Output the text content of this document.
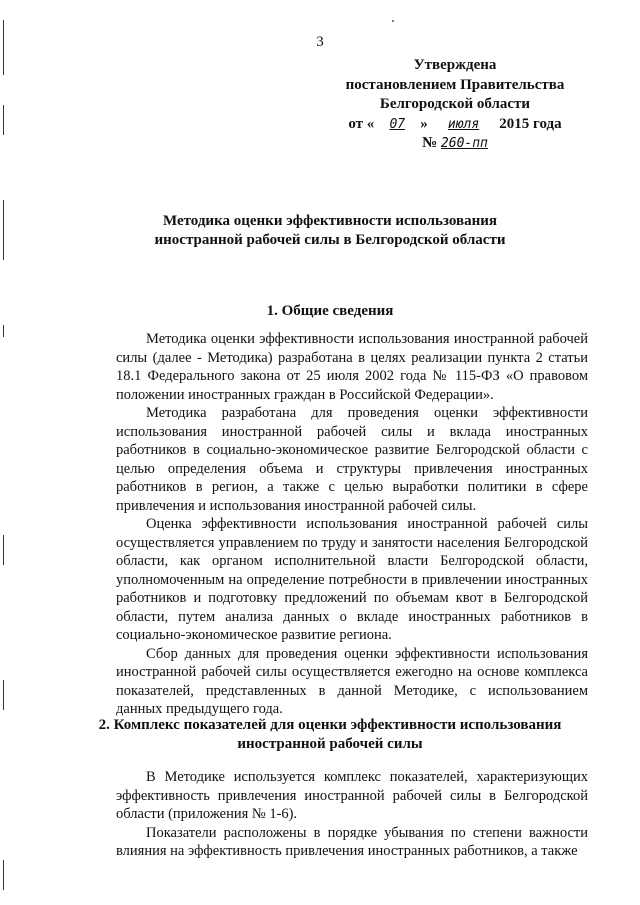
3
Утверждена
постановлением Правительства
Белгородской области
от « 07 » июля 2015 года
№ 260-пп
Методика оценки эффективности использования
иностранной рабочей силы в Белгородской области
1. Общие сведения

Методика оценки эффективности использования иностранной рабочей силы (далее - Методика) разработана в целях реализации пункта 2 статьи 18.1 Федерального закона от 25 июля 2002 года № 115-ФЗ «О правовом положении иностранных граждан в Российской Федерации».

Методика разработана для проведения оценки эффективности использования иностранной рабочей силы и вклада иностранных работников в социально-экономическое развитие Белгородской области с целью определения объема и структуры привлечения иностранных работников в регион, а также с целью выработки политики в сфере привлечения и использования иностранной рабочей силы.

Оценка эффективности использования иностранной рабочей силы осуществляется управлением по труду и занятости населения Белгородской области, как органом исполнительной власти Белгородской области, уполномоченным на определение потребности в привлечении иностранных работников и подготовку предложений по объемам квот в Белгородской области, путем анализа данных о вкладе иностранных работников в социально-экономическое развитие региона.

Сбор данных для проведения оценки эффективности использования иностранной рабочей силы осуществляется ежегодно на основе комплекса показателей, представленных в данной Методике, с использованием данных предыдущего года.

2. Комплекс показателей для оценки эффективности использования
иностранной рабочей силы

В Методике используется комплекс показателей, характеризующих эффективность привлечения иностранной рабочей силы в Белгородской области (приложения № 1-6).

Показатели расположены в порядке убывания по степени важности влияния на эффективность привлечения иностранных работников, а также
